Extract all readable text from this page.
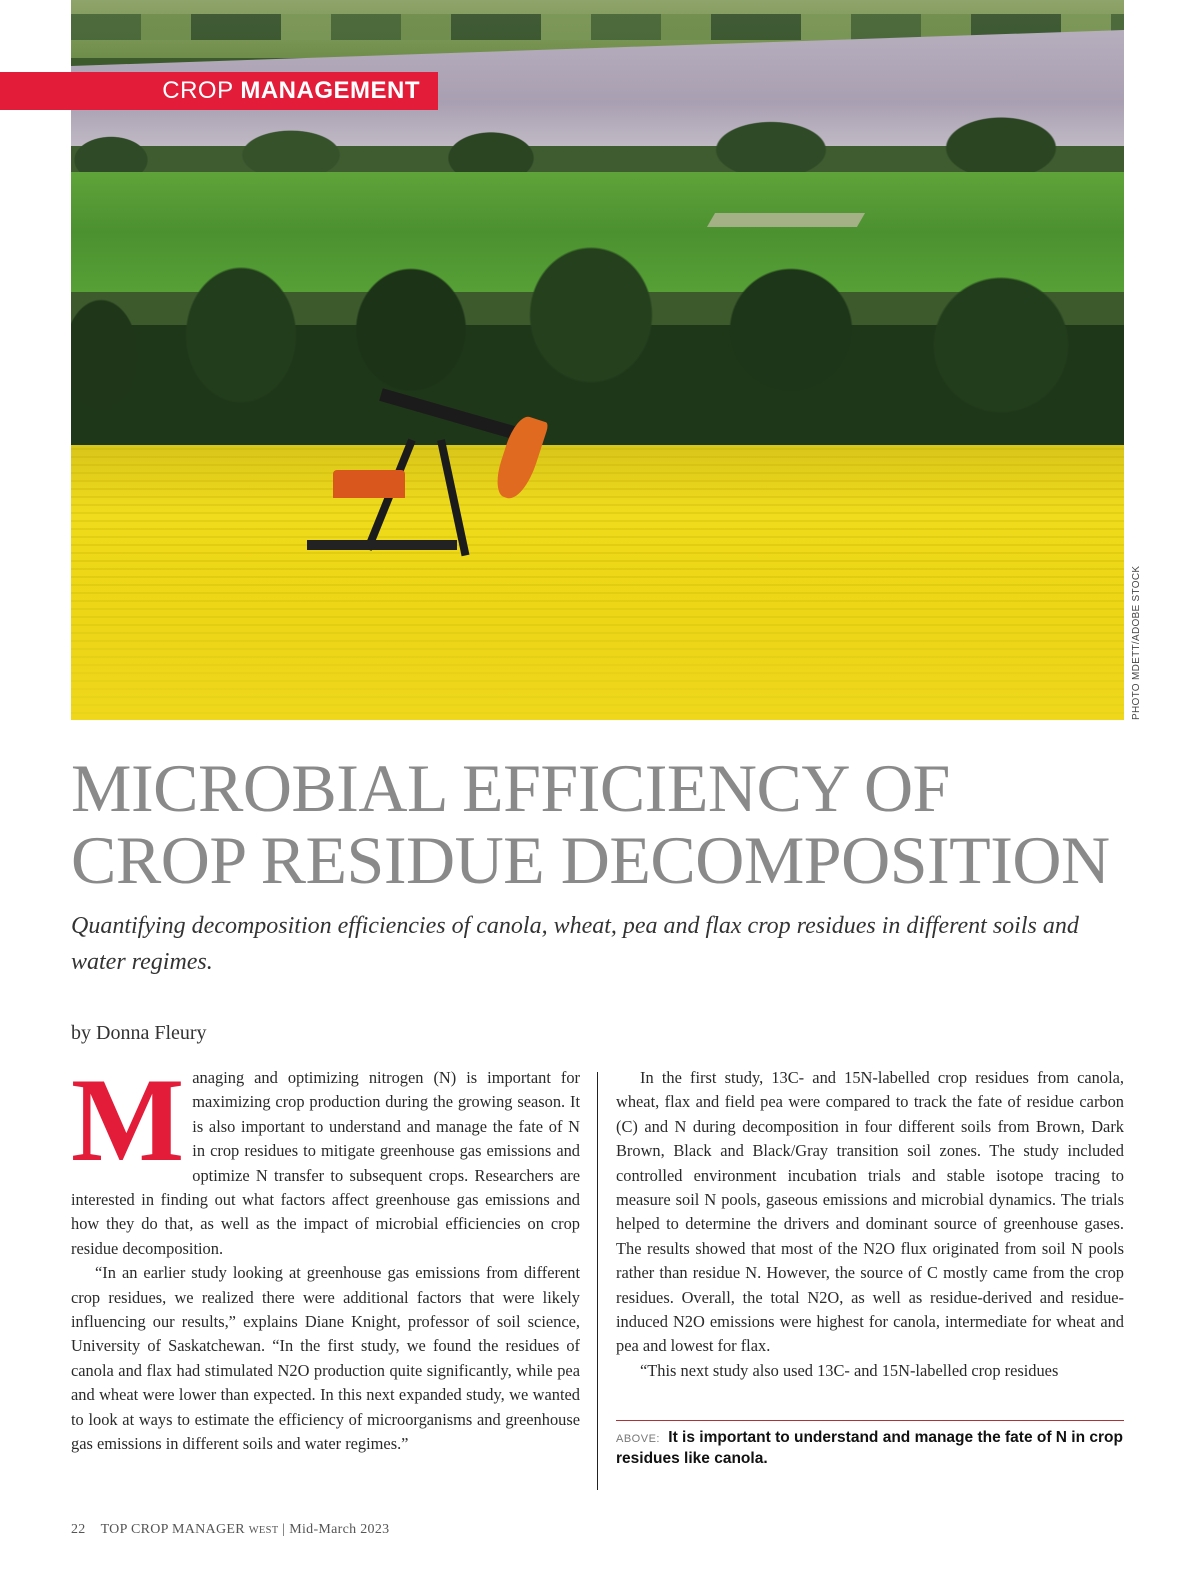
CROP MANAGEMENT
PHOTO MDETT/ADOBE STOCK
MICROBIAL EFFICIENCY OF
CROP RESIDUE DECOMPOSITION

Quantifying decomposition efficiencies of canola, wheat, pea and flax crop residues in different soils and water regimes.

by Donna Fleury

Managing and optimizing nitrogen (N) is important for maximizing crop production during the growing season. It is also important to understand and manage the fate of N in crop residues to mitigate greenhouse gas emissions and optimize N transfer to subsequent crops. Researchers are interested in finding out what factors affect greenhouse gas emissions and how they do that, as well as the impact of microbial efficiencies on crop residue decomposition.

“In an earlier study looking at greenhouse gas emissions from different crop residues, we realized there were additional factors that were likely influencing our results,” explains Diane Knight, professor of soil science, University of Saskatchewan. “In the first study, we found the residues of canola and flax had stimulated N2O production quite significantly, while pea and wheat were lower than expected. In this next expanded study, we wanted to look at ways to estimate the efficiency of microorganisms and greenhouse gas emissions in different soils and water regimes.”

In the first study, 13C- and 15N-labelled crop residues from canola, wheat, flax and field pea were compared to track the fate of residue carbon (C) and N during decomposition in four different soils from Brown, Dark Brown, Black and Black/Gray transition soil zones. The study included controlled environment incubation trials and stable isotope tracing to measure soil N pools, gaseous emissions and microbial dynamics. The trials helped to determine the drivers and dominant source of greenhouse gases. The results showed that most of the N2O flux originated from soil N pools rather than residue N. However, the source of C mostly came from the crop residues. Overall, the total N2O, as well as residue-derived and residue-induced N2O emissions were highest for canola, intermediate for wheat and pea and lowest for flax.

“This next study also used 13C- and 15N-labelled crop residues

ABOVE: It is important to understand and manage the fate of N in crop residues like canola.
22 TOP CROP MANAGER WEST | Mid-March 2023
